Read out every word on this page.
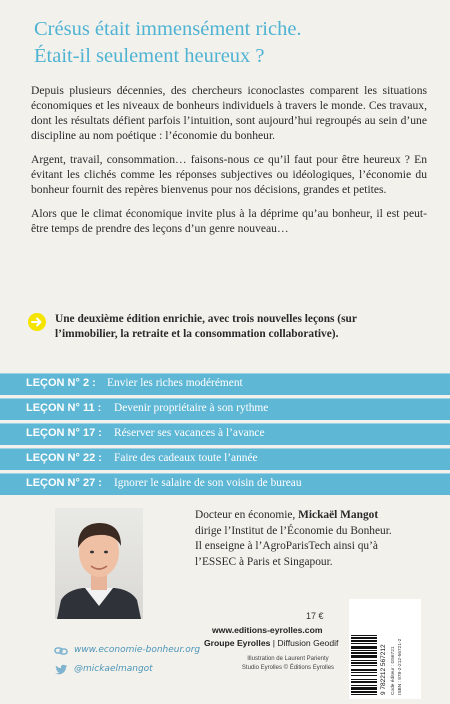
Crésus était immensément riche.
Était-il seulement heureux ?

Depuis plusieurs décennies, des chercheurs iconoclastes comparent les situations économiques et les niveaux de bonheurs individuels à travers le monde. Ces travaux, dont les résultats défient parfois l’intuition, sont aujourd’hui regroupés au sein d’une discipline au nom poétique : l’économie du bonheur.

Argent, travail, consommation… faisons-nous ce qu’il faut pour être heureux ? En évitant les clichés comme les réponses subjectives ou idéologiques, l’économie du bonheur fournit des repères bienvenus pour nos décisions, grandes et petites.

Alors que le climat économique invite plus à la déprime qu’au bonheur, il est peut-être temps de prendre des leçons d’un genre nouveau…

Une deuxième édition enrichie, avec trois nouvelles leçons (sur l’immobilier, la retraite et la consommation collaborative).
LEÇON N° 2 : Envier les riches modérément
LEÇON N° 11 : Devenir propriétaire à son rythme
LEÇON N° 17 : Réserver ses vacances à l’avance
LEÇON N° 22 : Faire des cadeaux toute l’année
LEÇON N° 27 : Ignorer le salaire de son voisin de bureau
Docteur en économie, Mickaël Mangot
dirige l’Institut de l’Économie du Bonheur.
Il enseigne à l’AgroParisTech ainsi qu’à
l’ESSEC à Paris et Singapour.
www.economie-bonheur.org
@mickaelmangot
17 €
www.editions-eyrolles.com
Groupe Eyrolles | Diffusion Geodif
Illustration de Laurent Parienty
Studio Eyrolles © Éditions Eyrolles	9 782212 567212 Code éditeur : G56721 ISBN : 978-2-212-56721-2
